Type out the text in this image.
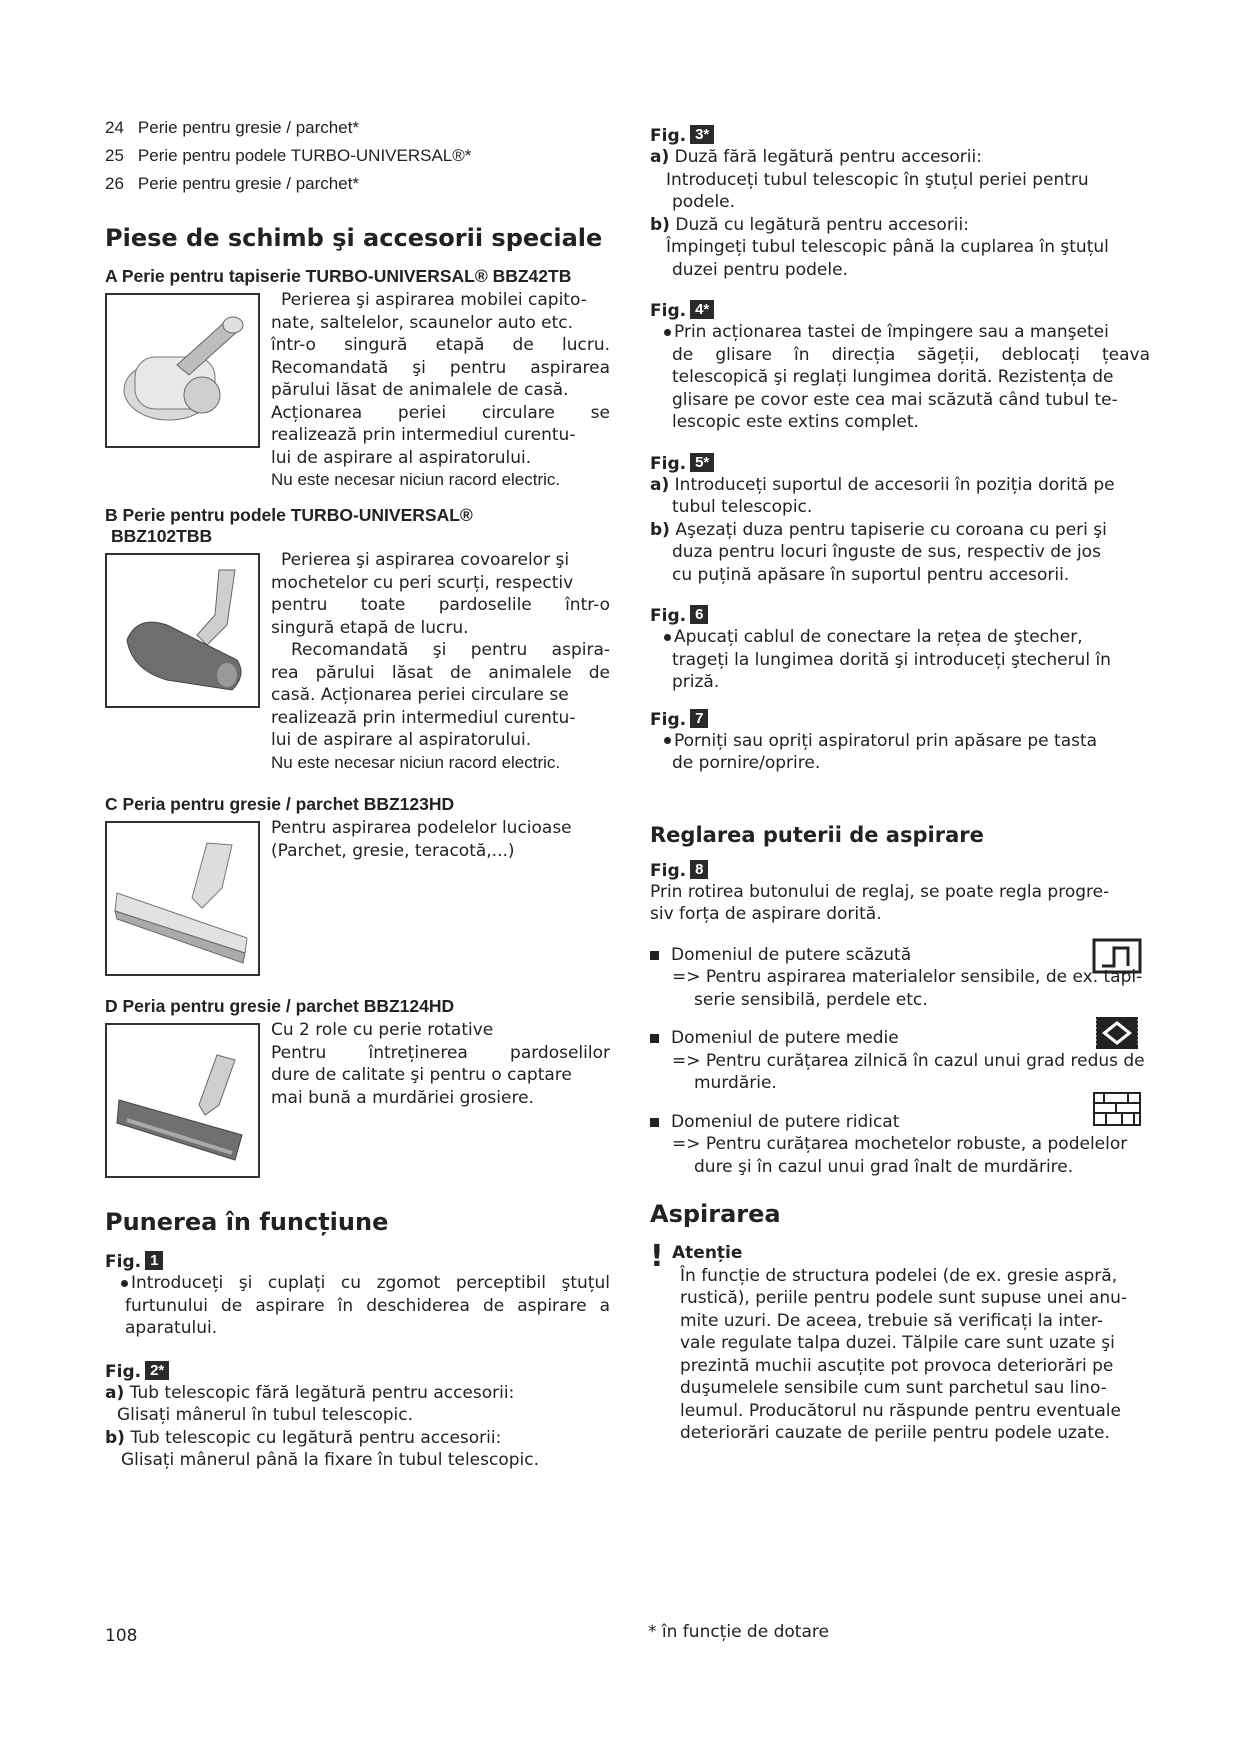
24 Perie pentru gresie / parchet*
25 Perie pentru podele TURBO-UNIVERSAL®*
26 Perie pentru gresie / parchet*
Piese de schimb şi accesorii speciale
A Perie pentru tapiserie TURBO-UNIVERSAL® BBZ42TB
Perierea şi aspirarea mobilei capito-
nate, saltelelor, scaunelor auto etc.
într-o singură etapă de lucru.
Recomandată şi pentru aspirarea
părului lăsat de animalele de casă.
Acționarea periei circulare se
realizează prin intermediul curentu-
lui de aspirare al aspiratorului.
Nu este necesar niciun racord electric.
B Perie pentru podele TURBO-UNIVERSAL®
BBZ102TBB
Perierea şi aspirarea covoarelor şi
mochetelor cu peri scurți, respectiv
pentru toate pardoselile într-o
singură etapă de lucru.
Recomandată şi pentru aspira-
rea părului lăsat de animalele de
casă. Acționarea periei circulare se
realizează prin intermediul curentu-
lui de aspirare al aspiratorului.
Nu este necesar niciun racord electric.
C Peria pentru gresie / parchet BBZ123HD
Pentru aspirarea podelelor lucioase
(Parchet, gresie, teracotă,...)
D Peria pentru gresie / parchet BBZ124HD
Cu 2 role cu perie rotative
Pentru întreținerea pardoselilor
dure de calitate şi pentru o captare
mai bună a murdăriei grosiere.
Punerea în funcțiune
Fig. 1
Introduceți şi cuplați cu zgomot perceptibil ştuțul
furtunului de aspirare în deschiderea de aspirare a
aparatului.
Fig. 2*
a) Tub telescopic fără legătură pentru accesorii:
Glisați mânerul în tubul telescopic.
b) Tub telescopic cu legătură pentru accesorii:
Glisați mânerul până la fixare în tubul telescopic.
Fig. 3*
a) Duză fără legătură pentru accesorii:
Introduceți tubul telescopic în ştuțul periei pentru
podele.
b) Duză cu legătură pentru accesorii:
Împingeți tubul telescopic până la cuplarea în ştuțul
duzei pentru podele.
Fig. 4*
Prin acționarea tastei de împingere sau a manşetei
de glisare în direcția săgeții, deblocați țeava
telescopică şi reglați lungimea dorită. Rezistența de
glisare pe covor este cea mai scăzută când tubul te-
lescopic este extins complet.
Fig. 5*
a) Introduceți suportul de accesorii în poziția dorită pe
tubul telescopic.
b) Aşezați duza pentru tapiserie cu coroana cu peri şi
duza pentru locuri înguste de sus, respectiv de jos
cu puțină apăsare în suportul pentru accesorii.
Fig. 6
Apucați cablul de conectare la rețea de ştecher,
trageți la lungimea dorită şi introduceți ştecherul în
priză.
Fig. 7
Porniți sau opriți aspiratorul prin apăsare pe tasta
de pornire/oprire.
Reglarea puterii de aspirare
Fig. 8
Prin rotirea butonului de reglaj, se poate regla progre-
siv forța de aspirare dorită.
Domeniul de putere scăzută
=> Pentru aspirarea materialelor sensibile, de ex. tapi-
serie sensibilă, perdele etc.
Domeniul de putere medie
=> Pentru curățarea zilnică în cazul unui grad redus de
murdărie.
Domeniul de putere ridicat
=> Pentru curățarea mochetelor robuste, a podelelor
dure şi în cazul unui grad înalt de murdărire.
Aspirarea
! Atenție
În funcție de structura podelei (de ex. gresie aspră,
rustică), periile pentru podele sunt supuse unei anu-
mite uzuri. De aceea, trebuie să verificați la inter-
vale regulate talpa duzei. Tălpile care sunt uzate şi
prezintă muchii ascuțite pot provoca deteriorări pe
duşumelele sensibile cum sunt parchetul sau lino-
leumul. Producătorul nu răspunde pentru eventuale
deteriorări cauzate de periile pentru podele uzate.
108	* în funcție de dotare
